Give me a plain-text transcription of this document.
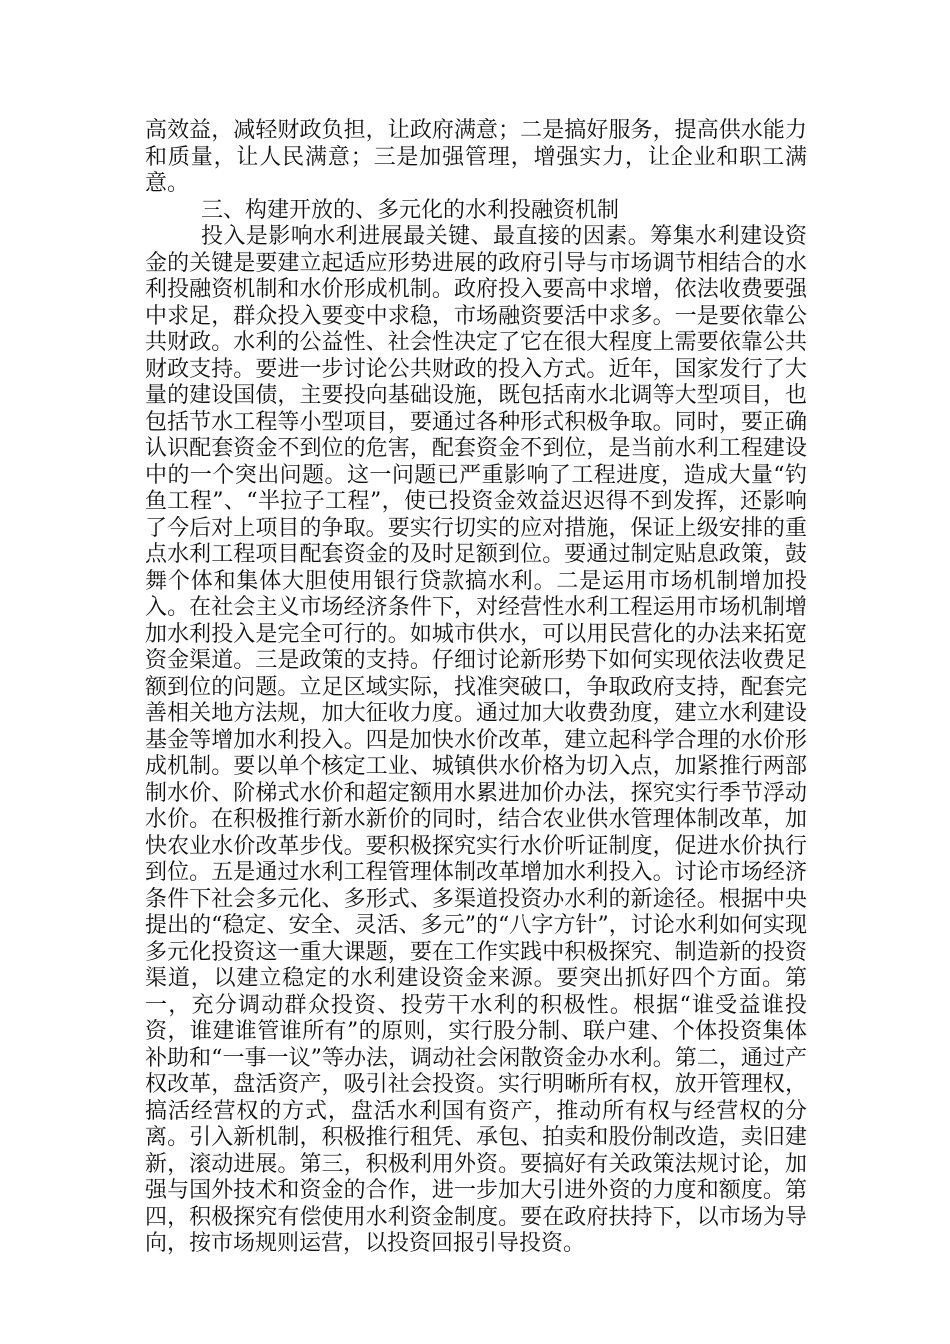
高效益，减轻财政负担，让政府满意；二是搞好服务，提高供水能力和质量，让人民满意；三是加强管理，增强实力，让企业和职工满意。

三、构建开放的、多元化的水利投融资机制

投入是影响水利进展最关键、最直接的因素。筹集水利建设资金的关键是要建立起适应形势进展的政府引导与市场调节相结合的水利投融资机制和水价形成机制。政府投入要高中求增，依法收费要强中求足，群众投入要变中求稳，市场融资要活中求多。一是要依靠公共财政。水利的公益性、社会性决定了它在很大程度上需要依靠公共财政支持。要进一步讨论公共财政的投入方式。近年，国家发行了大量的建设国债，主要投向基础设施，既包括南水北调等大型项目，也包括节水工程等小型项目，要通过各种形式积极争取。同时，要正确认识配套资金不到位的危害，配套资金不到位，是当前水利工程建设中的一个突出问题。这一问题已严重影响了工程进度，造成大量“钓鱼工程”、“半拉子工程”，使已投资金效益迟迟得不到发挥，还影响了今后对上项目的争取。要实行切实的应对措施，保证上级安排的重点水利工程项目配套资金的及时足额到位。要通过制定贴息政策，鼓舞个体和集体大胆使用银行贷款搞水利。二是运用市场机制增加投入。在社会主义市场经济条件下，对经营性水利工程运用市场机制增加水利投入是完全可行的。如城市供水，可以用民营化的办法来拓宽资金渠道。三是政策的支持。仔细讨论新形势下如何实现依法收费足额到位的问题。立足区域实际，找准突破口，争取政府支持，配套完善相关地方法规，加大征收力度。通过加大收费劲度，建立水利建设基金等增加水利投入。四是加快水价改革，建立起科学合理的水价形成机制。要以单个核定工业、城镇供水价格为切入点，加紧推行两部制水价、阶梯式水价和超定额用水累进加价办法，探究实行季节浮动水价。在积极推行新水新价的同时，结合农业供水管理体制改革，加快农业水价改革步伐。要积极探究实行水价听证制度，促进水价执行到位。五是通过水利工程管理体制改革增加水利投入。讨论市场经济条件下社会多元化、多形式、多渠道投资办水利的新途径。根据中央提出的“稳定、安全、灵活、多元”的“八字方针”，讨论水利如何实现多元化投资这一重大课题，要在工作实践中积极探究、制造新的投资渠道，以建立稳定的水利建设资金来源。要突出抓好四个方面。第一，充分调动群众投资、投劳干水利的积极性。根据“谁受益谁投资，谁建谁管谁所有”的原则，实行股分制、联户建、个体投资集体补助和“一事一议”等办法，调动社会闲散资金办水利。第二，通过产权改革，盘活资产，吸引社会投资。实行明晰所有权，放开管理权，搞活经营权的方式，盘活水利国有资产，推动所有权与经营权的分离。引入新机制，积极推行租凭、承包、拍卖和股份制改造，卖旧建新，滚动进展。第三，积极利用外资。要搞好有关政策法规讨论，加强与国外技术和资金的合作，进一步加大引进外资的力度和额度。第四，积极探究有偿使用水利资金制度。要在政府扶持下，以市场为导向，按市场规则运营，以投资回报引导投资。
